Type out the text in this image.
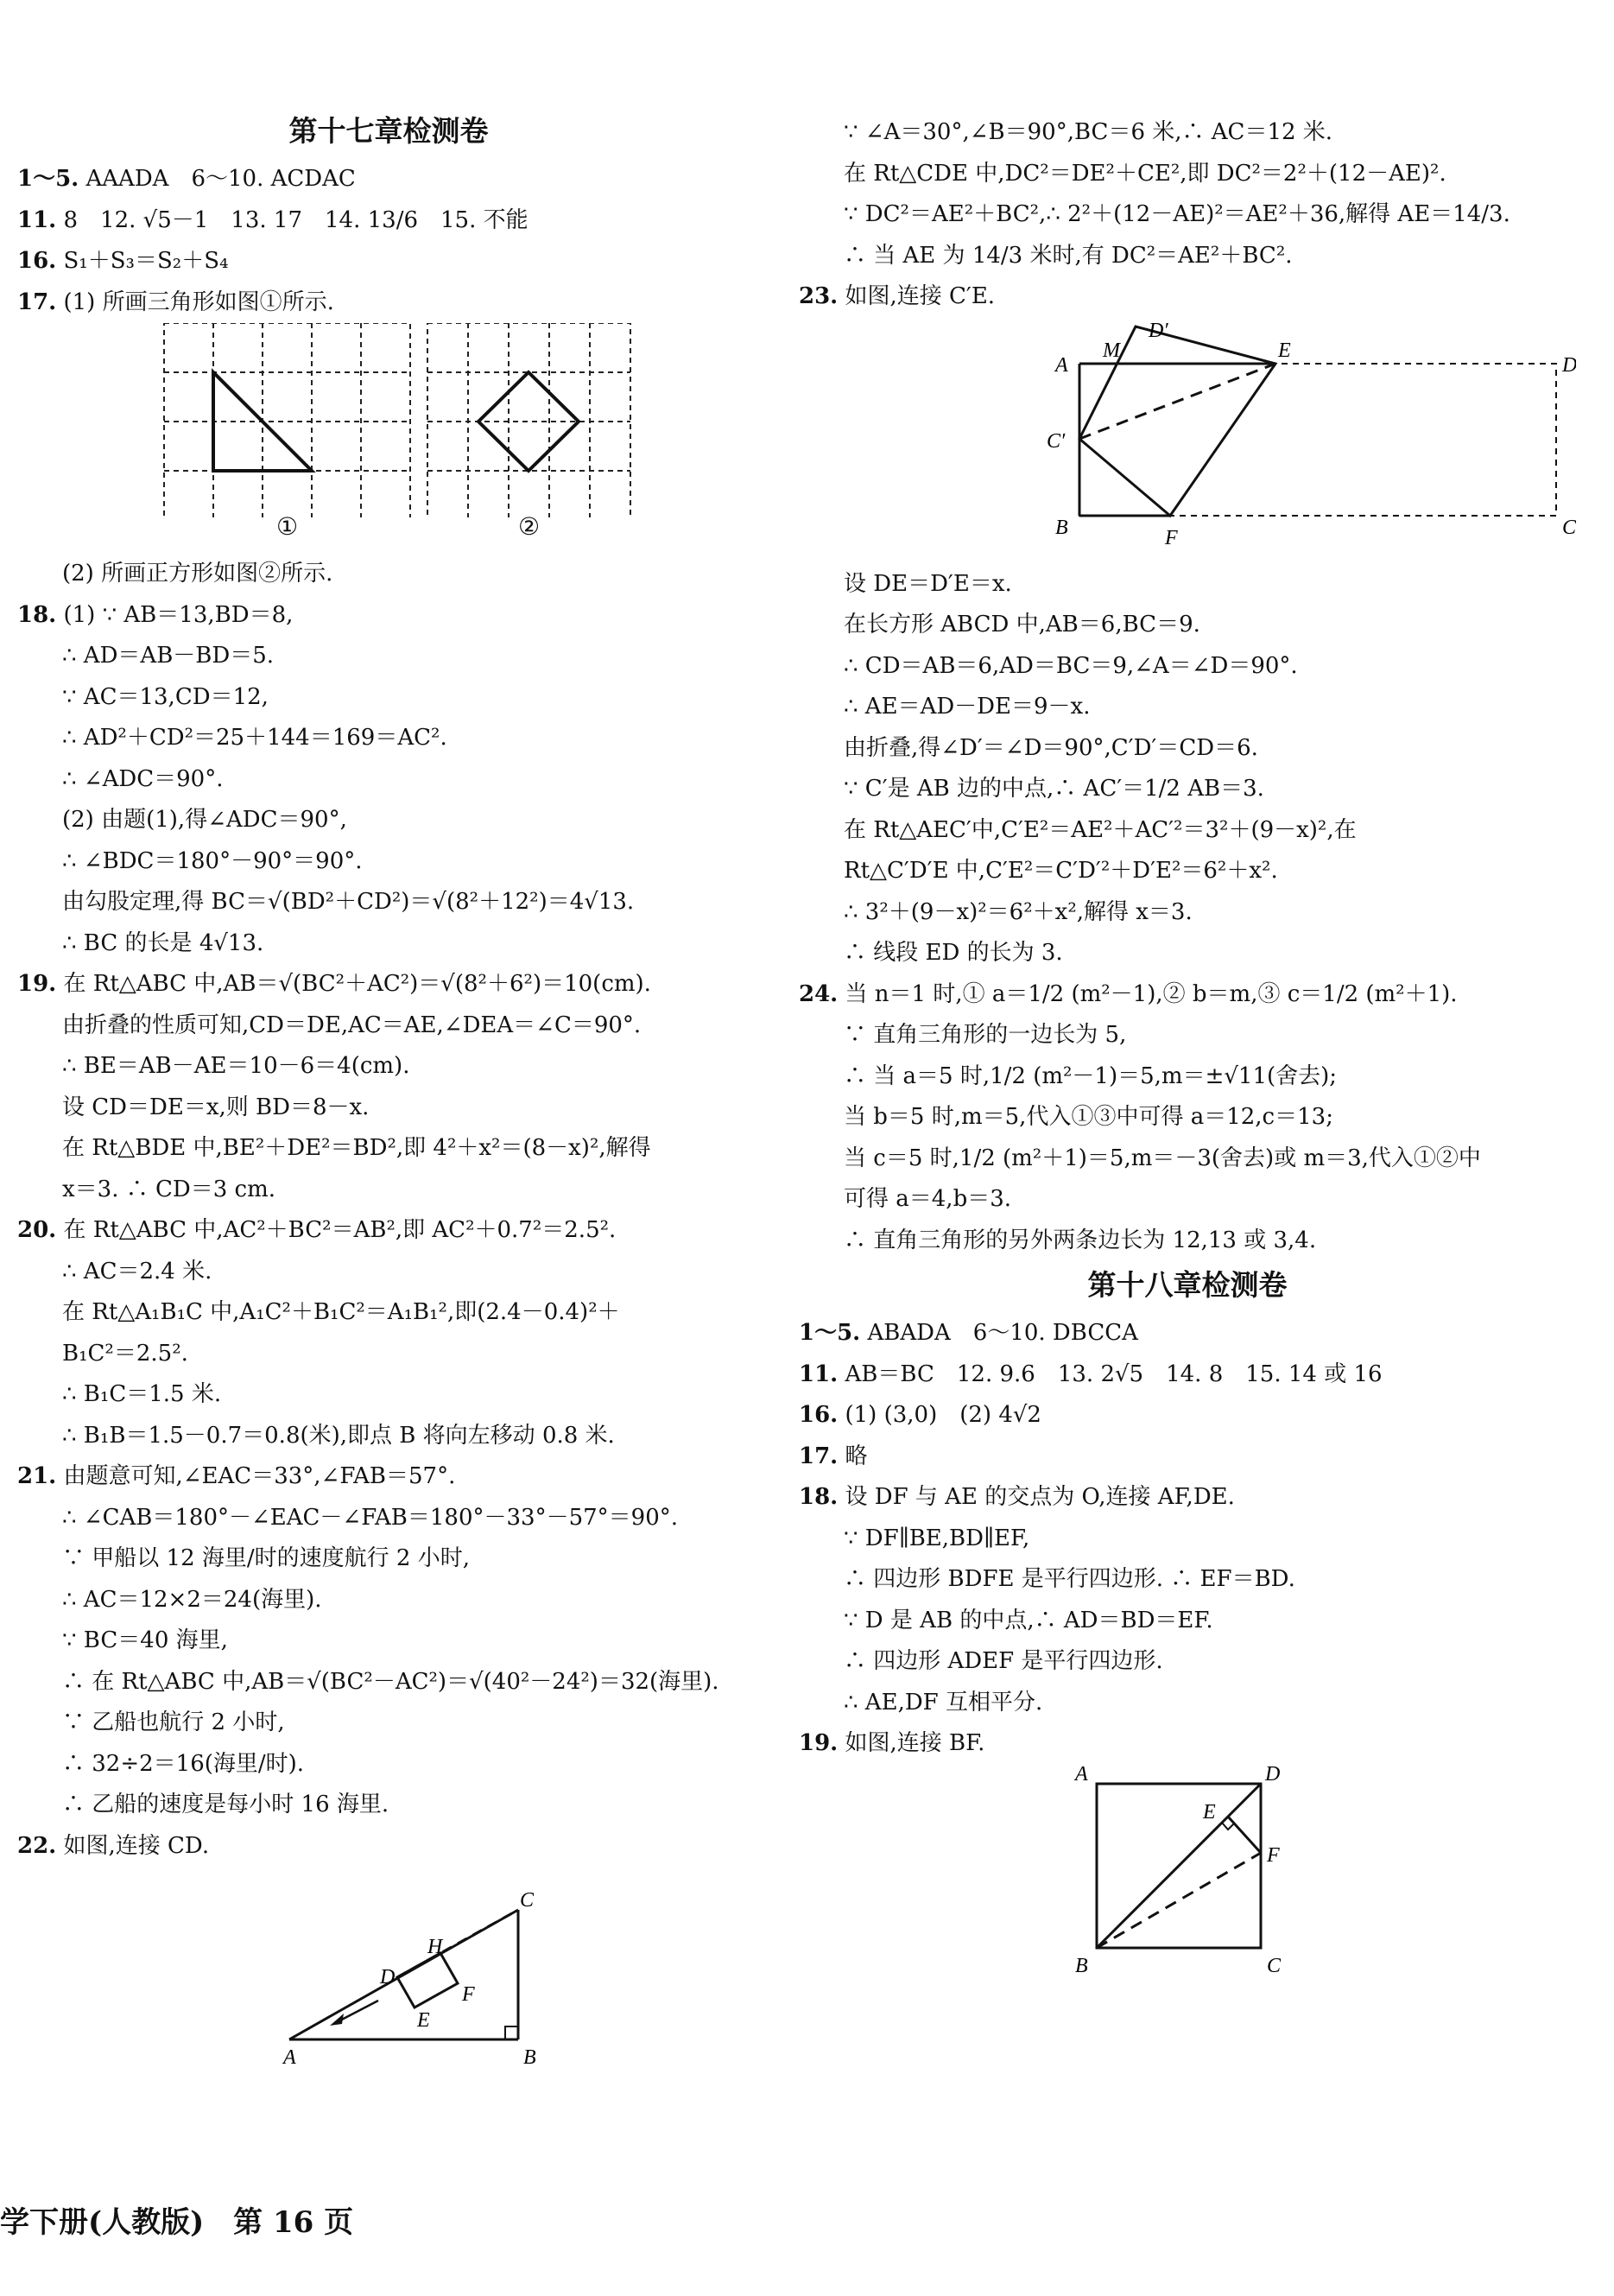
第十七章检测卷
1～5. AAADA　6～10. ACDAC
11. 8　12. √5－1　13. 17　14. 13/6　15. 不能
16. S₁＋S₃＝S₂＋S₄
17. (1) 所画三角形如图①所示.
①	②
(2) 所画正方形如图②所示.
18. (1) ∵ AB＝13,BD＝8,
∴ AD＝AB－BD＝5.
∵ AC＝13,CD＝12,
∴ AD²＋CD²＝25＋144＝169＝AC².
∴ ∠ADC＝90°.
(2) 由题(1),得∠ADC＝90°,
∴ ∠BDC＝180°－90°＝90°.
由勾股定理,得 BC＝√(BD²＋CD²)＝√(8²＋12²)＝4√13.
∴ BC 的长是 4√13.
19. 在 Rt△ABC 中,AB＝√(BC²＋AC²)＝√(8²＋6²)＝10(cm).
由折叠的性质可知,CD＝DE,AC＝AE,∠DEA＝∠C＝90°.
∴ BE＝AB－AE＝10－6＝4(cm).
设 CD＝DE＝x,则 BD＝8－x.
在 Rt△BDE 中,BE²＋DE²＝BD²,即 4²＋x²＝(8－x)²,解得
x＝3. ∴ CD＝3 cm.
20. 在 Rt△ABC 中,AC²＋BC²＝AB²,即 AC²＋0.7²＝2.5².
∴ AC＝2.4 米.
在 Rt△A₁B₁C 中,A₁C²＋B₁C²＝A₁B₁²,即(2.4－0.4)²＋
B₁C²＝2.5².
∴ B₁C＝1.5 米.
∴ B₁B＝1.5－0.7＝0.8(米),即点 B 将向左移动 0.8 米.
21. 由题意可知,∠EAC＝33°,∠FAB＝57°.
∴ ∠CAB＝180°－∠EAC－∠FAB＝180°－33°－57°＝90°.
∵ 甲船以 12 海里/时的速度航行 2 小时,
∴ AC＝12×2＝24(海里).
∵ BC＝40 海里,
∴ 在 Rt△ABC 中,AB＝√(BC²－AC²)＝√(40²－24²)＝32(海里).
∵ 乙船也航行 2 小时,
∴ 32÷2＝16(海里/时).
∴ 乙船的速度是每小时 16 海里.
22. 如图,连接 CD.
H
C
D
F
E
A	B
∵ ∠A＝30°,∠B＝90°,BC＝6 米,∴ AC＝12 米.
在 Rt△CDE 中,DC²＝DE²＋CE²,即 DC²＝2²＋(12－AE)².
∵ DC²＝AE²＋BC²,∴ 2²＋(12－AE)²＝AE²＋36,解得 AE＝14/3.
∴ 当 AE 为 14/3 米时,有 DC²＝AE²＋BC².
23. 如图,连接 C′E.
D′
M
A
E
D
C′
B	F	C
设 DE＝D′E＝x.
在长方形 ABCD 中,AB＝6,BC＝9.
∴ CD＝AB＝6,AD＝BC＝9,∠A＝∠D＝90°.
∴ AE＝AD－DE＝9－x.
由折叠,得∠D′＝∠D＝90°,C′D′＝CD＝6.
∵ C′是 AB 边的中点,∴ AC′＝1/2 AB＝3.
在 Rt△AEC′中,C′E²＝AE²＋AC′²＝3²＋(9－x)²,在
Rt△C′D′E 中,C′E²＝C′D′²＋D′E²＝6²＋x².
∴ 3²＋(9－x)²＝6²＋x²,解得 x＝3.
∴ 线段 ED 的长为 3.
24. 当 n＝1 时,① a＝1/2 (m²－1),② b＝m,③ c＝1/2 (m²＋1).
∵ 直角三角形的一边长为 5,
∴ 当 a＝5 时,1/2 (m²－1)＝5,m＝±√11(舍去);
当 b＝5 时,m＝5,代入①③中可得 a＝12,c＝13;
当 c＝5 时,1/2 (m²＋1)＝5,m＝－3(舍去)或 m＝3,代入①②中
可得 a＝4,b＝3.
∴ 直角三角形的另外两条边长为 12,13 或 3,4.
第十八章检测卷
1～5. ABADA　6～10. DBCCA
11. AB＝BC　12. 9.6　13. 2√5　14. 8　15. 14 或 16
16. (1) (3,0)　(2) 4√2
17. 略
18. 设 DF 与 AE 的交点为 O,连接 AF,DE.
∵ DF∥BE,BD∥EF,
∴ 四边形 BDFE 是平行四边形. ∴ EF＝BD.
∵ D 是 AB 的中点,∴ AD＝BD＝EF.
∴ 四边形 ADEF 是平行四边形.
∴ AE,DF 互相平分.
19. 如图,连接 BF.
A	D
E
F
B	C
学下册(人教版)　第 16 页
